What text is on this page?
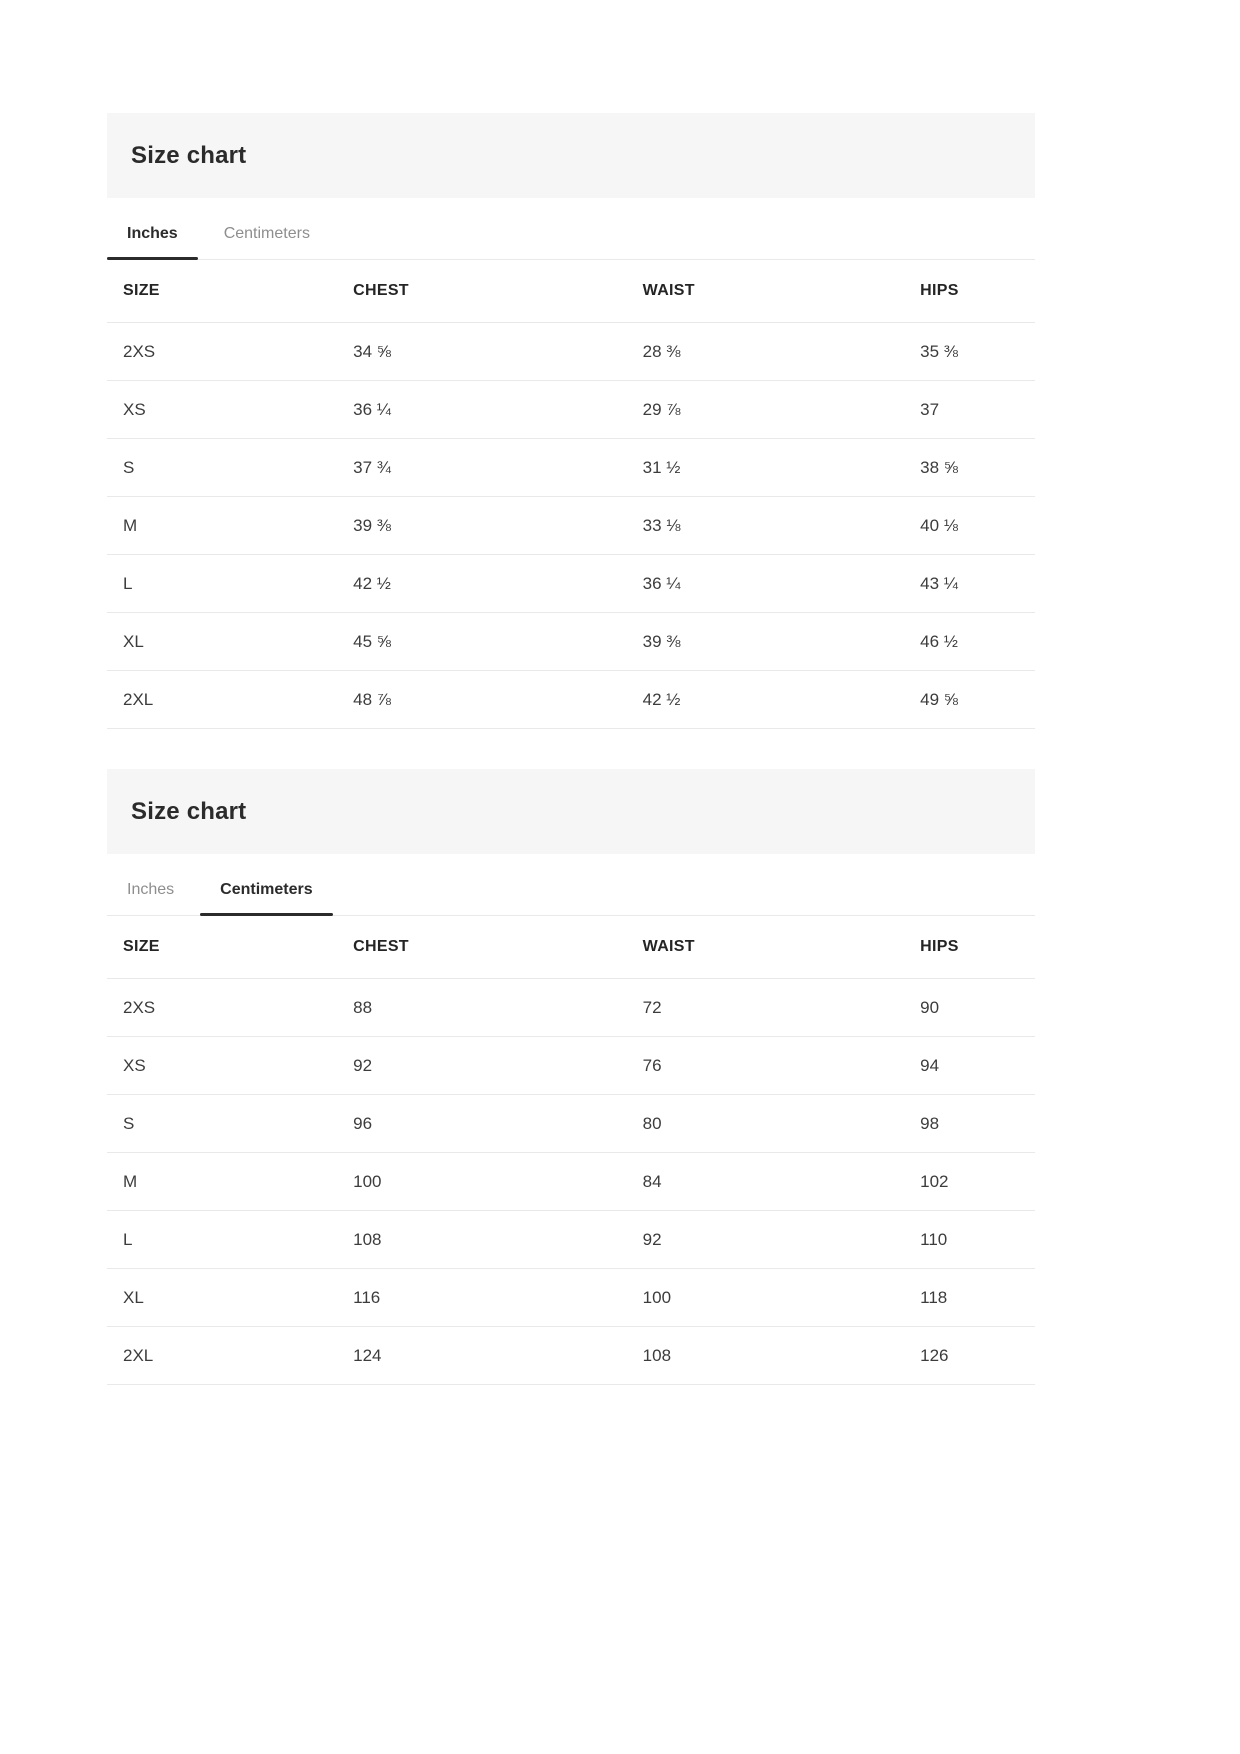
Size chart
Inches	Centimeters
SIZE	CHEST	WAIST	HIPS
2XS	34 ⅝	28 ⅜	35 ⅜
XS	36 ¼	29 ⅞	37
S	37 ¾	31 ½	38 ⅝
M	39 ⅜	33 ⅛	40 ⅛
L	42 ½	36 ¼	43 ¼
XL	45 ⅝	39 ⅜	46 ½
2XL	48 ⅞	42 ½	49 ⅝
Size chart
Inches	Centimeters
SIZE	CHEST	WAIST	HIPS
2XS	88	72	90
XS	92	76	94
S	96	80	98
M	100	84	102
L	108	92	110
XL	116	100	118
2XL	124	108	126
